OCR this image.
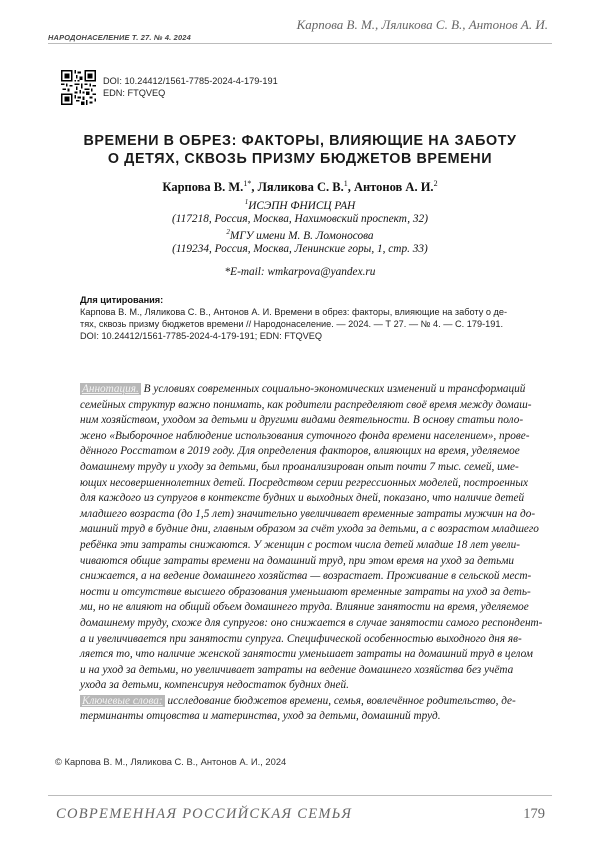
Карпова В. М., Ляликова С. В., Антонов А. И.
НАРОДОНАСЕЛЕНИЕ Т. 27. № 4. 2024
DOI: 10.24412/1561-7785-2024-4-179-191
EDN: FTQVEQ
ВРЕМЕНИ В ОБРЕЗ: ФАКТОРЫ, ВЛИЯЮЩИЕ НА ЗАБОТУ
О ДЕТЯХ, СКВОЗЬ ПРИЗМУ БЮДЖЕТОВ ВРЕМЕНИ
Карпова В. М.$^{1*}$, Ляликова С. В.$^1$, Антонов А. И.$^2$
$^1$ИСЭПН ФНИСЦ РАН
(117218, Россия, Москва, Нахимовский проспект, 32)
$^2$МГУ имени М. В. Ломоносова
(119234, Россия, Москва, Ленинские горы, 1, стр. 33)
*E-mail: wmkarpova@yandex.ru
Для цитирования:
Карпова В. М., Ляликова С. В., Антонов А. И. Времени в обрез: факторы, влияющие на заботу о де-
тях, сквозь призму бюджетов времени // Народонаселение. — 2024. — Т 27. — № 4. — С. 179-191.
DOI: 10.24412/1561-7785-2024-4-179-191; EDN: FTQVEQ
Аннотация. В условиях современных социально-экономических изменений и трансформаций
семейных структур важно понимать, как родители распределяют своё время между домаш-
ним хозяйством, уходом за детьми и другими видами деятельности. В основу статьи поло-
жено «Выборочное наблюдение использования суточного фонда времени населением», прове-
дённого Росстатом в 2019 году. Для определения факторов, влияющих на время, уделяемое
домашнему труду и уходу за детьми, был проанализирован опыт почти 7 тыс. семей, име-
ющих несовершеннолетних детей. Посредством серии регрессионных моделей, построенных
для каждого из супругов в контексте будних и выходных дней, показано, что наличие детей
младшего возраста (до 1,5 лет) значительно увеличивает временные затраты мужчин на до-
машний труд в будние дни, главным образом за счёт ухода за детьми, а с возрастом младшего
ребёнка эти затраты снижаются. У женщин с ростом числа детей младше 18 лет увели-
чиваются общие затраты времени на домашний труд, при этом время на уход за детьми
снижается, а на ведение домашнего хозяйства — возрастает. Проживание в сельской мест-
ности и отсутствие высшего образования уменьшают временные затраты на уход за деть-
ми, но не влияют на общий объем домашнего труда. Влияние занятости на время, уделяемое
домашнему труду, схоже для супругов: оно снижается в случае занятости самого респондент-
а и увеличивается при занятости супруга. Специфической особенностью выходного дня яв-
ляется то, что наличие женской занятости уменьшает затраты на домашний труд в целом
и на уход за детьми, но увеличивает затраты на ведение домашнего хозяйства без учёта
ухода за детьми, компенсируя недостаток будних дней.
Ключевые слова: исследование бюджетов времени, семья, вовлечённое родительство, де-
терминанты отцовства и материнства, уход за детьми, домашний труд.
© Карпова В. М., Ляликова С. В., Антонов А. И., 2024
СОВРЕМЕННАЯ РОССИЙСКАЯ СЕМЬЯ	179
